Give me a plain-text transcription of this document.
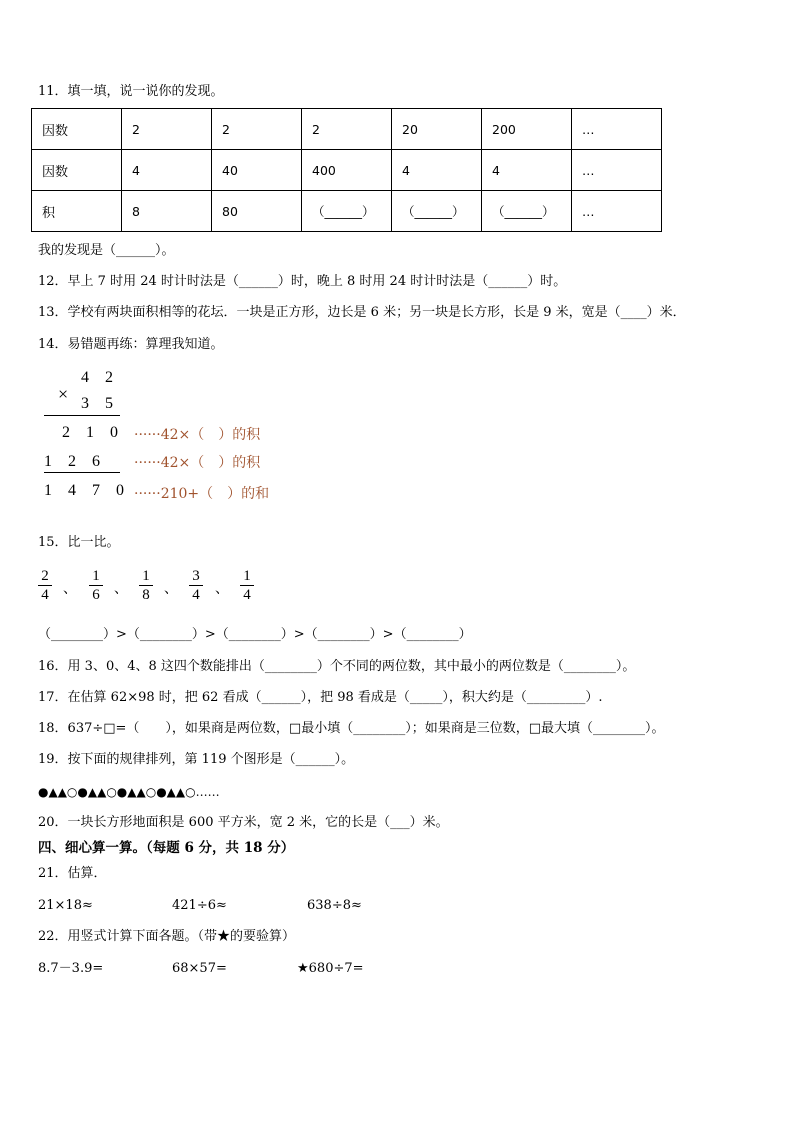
11．填一填，说一说你的发现。
因数	2	2	2	20	200	…
因数	4	40	400	4	4	…
积	8	80	（______）	（______）	（______）	…
我的发现是（______）。
12．早上 7 时用 24 时计时法是（______）时，晚上 8 时用 24 时计时法是（______）时。
13．学校有两块面积相等的花坛．一块是正方形，边长是 6 米；另一块是长方形，长是 9 米，宽是（____）米．
14．易错题再练：算理我知道。
×
4 2
3 5
2 1 0
1 2 6
1 4 7 0
······42×（　）的积
······42×（　）的积
······210+（　）的和
15．比一比。
2
4 、
1
6 、
1
8 、
3
4 、
1
4
（________）>（________）>（________）>（________）>（________）
16．用 3、0、4、8 这四个数能排出（________）个不同的两位数，其中最小的两位数是（________）。
17．在估算 62×98 时，把 62 看成（______），把 98 看成是（_____），积大约是（_________）.
18．637÷□=（　　），如果商是两位数，□最小填（________）；如果商是三位数，□最大填（________）。
19．按下面的规律排列，第 119 个图形是（______）。
●▲▲○●▲▲○●▲▲○●▲▲○……
20．一块长方形地面积是 600 平方米，宽 2 米，它的长是（___）米。
四、细心算一算。（每题 6 分，共 18 分）
21．估算．
21×18≈	421÷6≈	638÷8≈
22．用竖式计算下面各题。（带★的要验算）
8.7－3.9=	68×57=	★680÷7=
